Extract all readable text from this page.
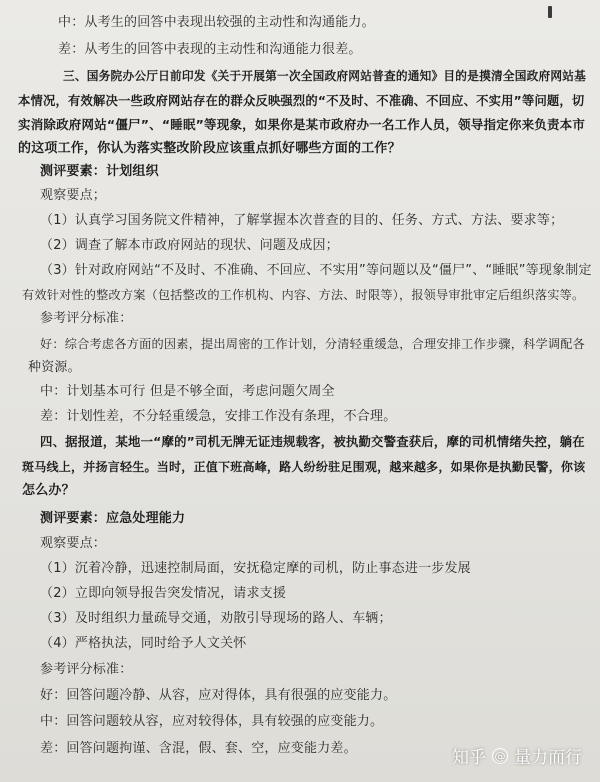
中：从考生的回答中表现出较强的主动性和沟通能力。
差：从考生的回答中表现的主动性和沟通能力很差。
三、国务院办公厅日前印发《关于开展第一次全国政府网站普查的通知》目的是摸清全国政府网站基
本情况，有效解决一些政府网站存在的群众反映强烈的“不及时、不准确、不回应、不实用”等问题，切
实消除政府网站“僵尸”、“睡眠”等现象，如果你是某市政府办一名工作人员，领导指定你来负责本市
的这项工作，你认为落实整改阶段应该重点抓好哪些方面的工作？
测评要素：计划组织
观察要点；
（1）认真学习国务院文件精神，了解掌握本次普查的目的、任务、方式、方法、要求等；
（2）调查了解本市政府网站的现状、问题及成因；
（3）针对政府网站“不及时、不准确、不回应、不实用”等问题以及“僵尸”、“睡眠”等现象制定
有效针对性的整改方案（包括整改的工作机构、内容、方法、时限等），报领导审批审定后组织落实等。
参考评分标准：
好：综合考虑各方面的因素，提出周密的工作计划，分清轻重缓急，合理安排工作步骤，科学调配各
种资源。
中：计划基本可行 但是不够全面，考虑问题欠周全
差：计划性差，不分轻重缓急，安排工作没有条理，不合理。
四、据报道，某地一“摩的”司机无牌无证违规载客，被执勤交警查获后，摩的司机情绪失控，躺在
斑马线上，并扬言轻生。当时，正值下班高峰，路人纷纷驻足围观，越来越多，如果你是执勤民警，你该
怎么办？
测评要素：应急处理能力
观察要点：
（1）沉着冷静，迅速控制局面，安抚稳定摩的司机，防止事态进一步发展
（2）立即向领导报告突发情况，请求支援
（3）及时组织力量疏导交通，劝散引导现场的路人、车辆；
（4）严格执法，同时给予人文关怀
参考评分标准：
好：回答问题冷静、从容，应对得体，具有很强的应变能力。
中：回答问题较从容，应对较得体，具有较强的应变能力。
差：回答问题拘谨、含混，假、套、空，应变能力差。	知乎 @ 量力而行
